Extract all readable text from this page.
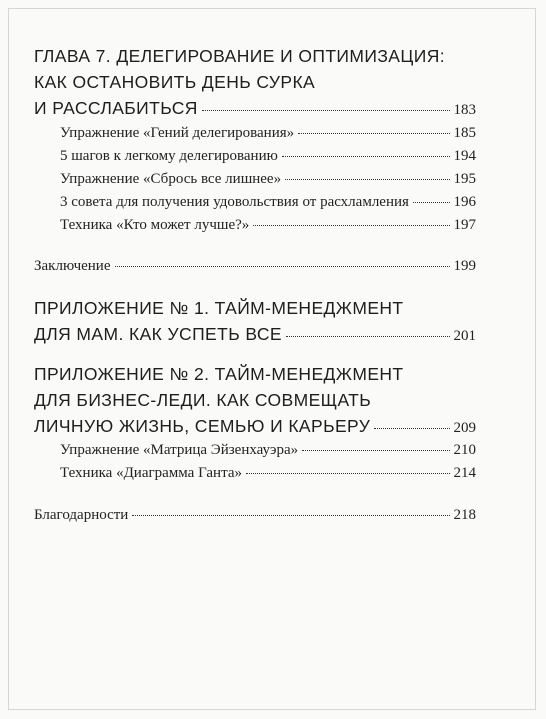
ГЛАВА 7. ДЕЛЕГИРОВАНИЕ И ОПТИМИЗАЦИЯ:
КАК ОСТАНОВИТЬ ДЕНЬ СУРКА
И РАССЛАБИТЬСЯ	183
Упражнение «Гений делегирования»	185
5 шагов к легкому делегированию	194
Упражнение «Сбрось все лишнее»	195
3 совета для получения удовольствия от расхламления	196
Техника «Кто может лучше?»	197
Заключение	199
ПРИЛОЖЕНИЕ № 1. ТАЙМ-МЕНЕДЖМЕНТ
ДЛЯ МАМ. КАК УСПЕТЬ ВСЕ	201
ПРИЛОЖЕНИЕ № 2. ТАЙМ-МЕНЕДЖМЕНТ
ДЛЯ БИЗНЕС-ЛЕДИ. КАК СОВМЕЩАТЬ
ЛИЧНУЮ ЖИЗНЬ, СЕМЬЮ И КАРЬЕРУ	209
Упражнение «Матрица Эйзенхауэра»	210
Техника «Диаграмма Ганта»	214
Благодарности	218
